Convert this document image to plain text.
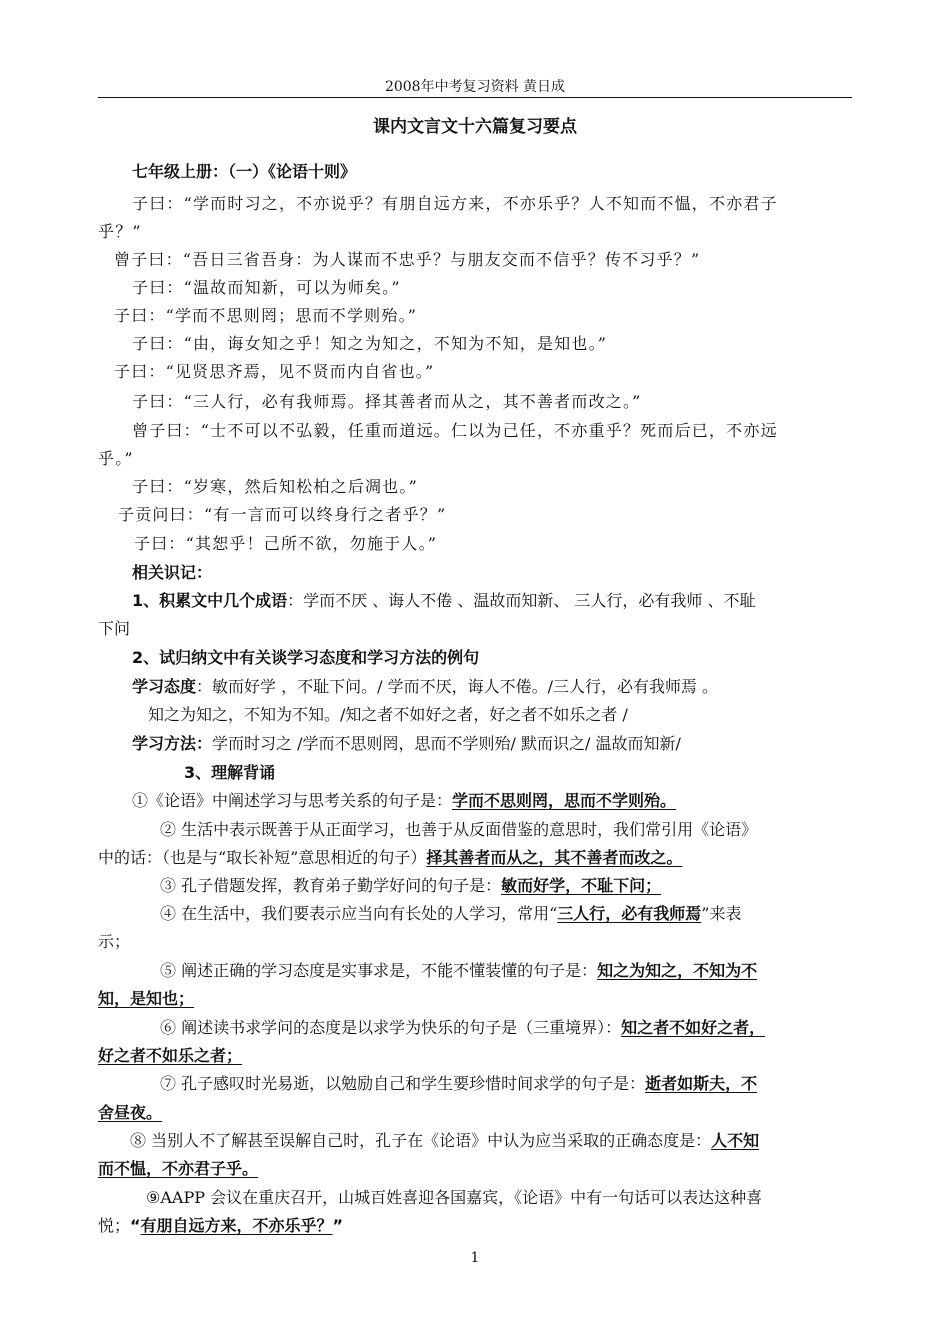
2008年中考复习资料 黄日成
课内文言文十六篇复习要点
七年级上册：（一）《论语十则》
子曰：“学而时习之，不亦说乎？有朋自远方来，不亦乐乎？人不知而不愠，不亦君子
乎？”
曾子曰：“吾日三省吾身：为人谋而不忠乎？与朋友交而不信乎？传不习乎？”
子曰：“温故而知新，可以为师矣。”
子曰：“学而不思则罔；思而不学则殆。”
子曰：“由，诲女知之乎！知之为知之，不知为不知，是知也。”
子曰：“见贤思齐焉，见不贤而内自省也。”
子曰：“三人行，必有我师焉。择其善者而从之，其不善者而改之。”
曾子曰：“士不可以不弘毅，任重而道远。仁以为己任，不亦重乎？死而后已，不亦远
乎。”
子曰：“岁寒，然后知松柏之后凋也。”
子贡问曰：“有一言而可以终身行之者乎？”
子曰：“其恕乎！己所不欲，勿施于人。”
相关识记：
1、积累文中几个成语：学而不厌 、诲人不倦 、温故而知新、 三人行，必有我师 、不耻
下问
2、试归纳文中有关谈学习态度和学习方法的例句
学习态度：敏而好学 ，不耻下问。/ 学而不厌，诲人不倦。/三人行，必有我师焉 。
知之为知之，不知为不知。/知之者不如好之者，好之者不如乐之者 /
学习方法：学而时习之 /学而不思则罔，思而不学则殆/ 默而识之/ 温故而知新/
3、理解背诵
①《论语》中阐述学习与思考关系的句子是：学而不思则罔，思而不学则殆。
② 生活中表示既善于从正面学习，也善于从反面借鉴的意思时，我们常引用《论语》
中的话：（也是与“取长补短”意思相近的句子）择其善者而从之，其不善者而改之。
③ 孔子借题发挥，教育弟子勤学好问的句子是：敏而好学，不耻下问；
④ 在生活中，我们要表示应当向有长处的人学习，常用“三人行，必有我师焉”来表
示；
⑤ 阐述正确的学习态度是实事求是，不能不懂装懂的句子是：知之为知之，不知为不
知，是知也；
⑥ 阐述读书求学问的态度是以求学为快乐的句子是（三重境界）：知之者不如好之者，
好之者不如乐之者；
⑦ 孔子感叹时光易逝，以勉励自己和学生要珍惜时间求学的句子是：逝者如斯夫，不
舍昼夜。
⑧ 当别人不了解甚至误解自己时，孔子在《论语》中认为应当采取的正确态度是：人不知
而不愠，不亦君子乎。
⑨AAPP 会议在重庆召开，山城百姓喜迎各国嘉宾，《论语》中有一句话可以表达这种喜
悦；“有朋自远方来，不亦乐乎？”
1
